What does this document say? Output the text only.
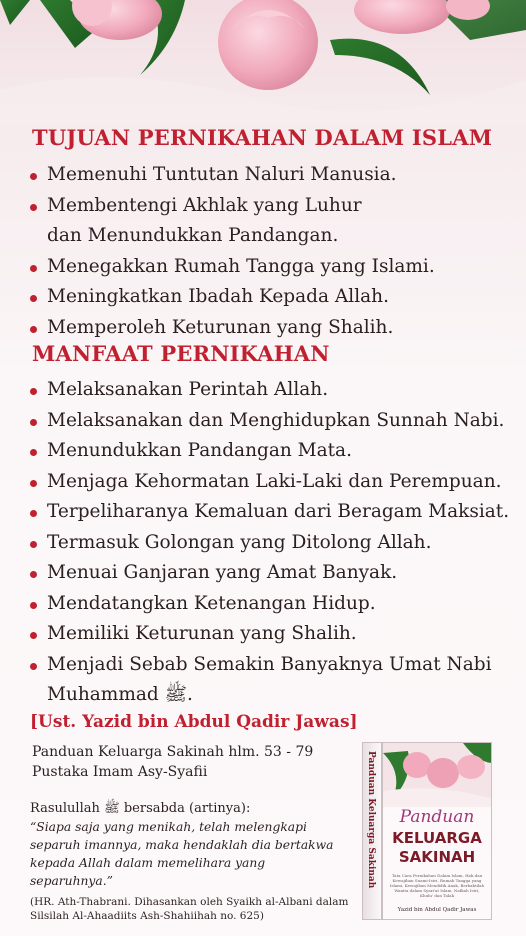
TUJUAN PERNIKAHAN DALAM ISLAM
Memenuhi Tuntutan Naluri Manusia.
Membentengi Akhlak yang Luhur
dan Menundukkan Pandangan.
Menegakkan Rumah Tangga yang Islami.
Meningkatkan Ibadah Kepada Allah.
Memperoleh Keturunan yang Shalih.
MANFAAT PERNIKAHAN
Melaksanakan Perintah Allah.
Melaksanakan dan Menghidupkan Sunnah Nabi.
Menundukkan Pandangan Mata.
Menjaga Kehormatan Laki-Laki dan Perempuan.
Terpeliharanya Kemaluan dari Beragam Maksiat.
Termasuk Golongan yang Ditolong Allah.
Menuai Ganjaran yang Amat Banyak.
Mendatangkan Ketenangan Hidup.
Memiliki Keturunan yang Shalih.
Menjadi Sebab Semakin Banyaknya Umat Nabi
Muhammad ﷺ.
[Ust. Yazid bin Abdul Qadir Jawas]
Panduan Keluarga Sakinah hlm. 53 - 79
Pustaka Imam Asy-Syafii
Rasulullah ﷺ bersabda (artinya):
“Siapa saja yang menikah, telah melengkapi separuh imannya, maka hendaklah dia bertakwa kepada Allah dalam memelihara yang separuhnya.”
(HR. Ath-Thabrani. Dihasankan oleh Syaikh al-Albani dalam Silsilah Al-Ahaadiits Ash-Shahiihah no. 625)
Panduan Keluarga Sakinah	Panduan
KELUARGA SAKINAH
Tata Cara Pernikahan Dalam Islam, Hak dan Kewajiban Suami-Istri, Rumah Tangga yang Islami, Kewajiban Mendidik Anak, Berbaktilah Wanita dalam Syari'at Islam, Nafkah Istri, Khulu' dan Talak
Yazid bin Abdul Qadir Jawas
